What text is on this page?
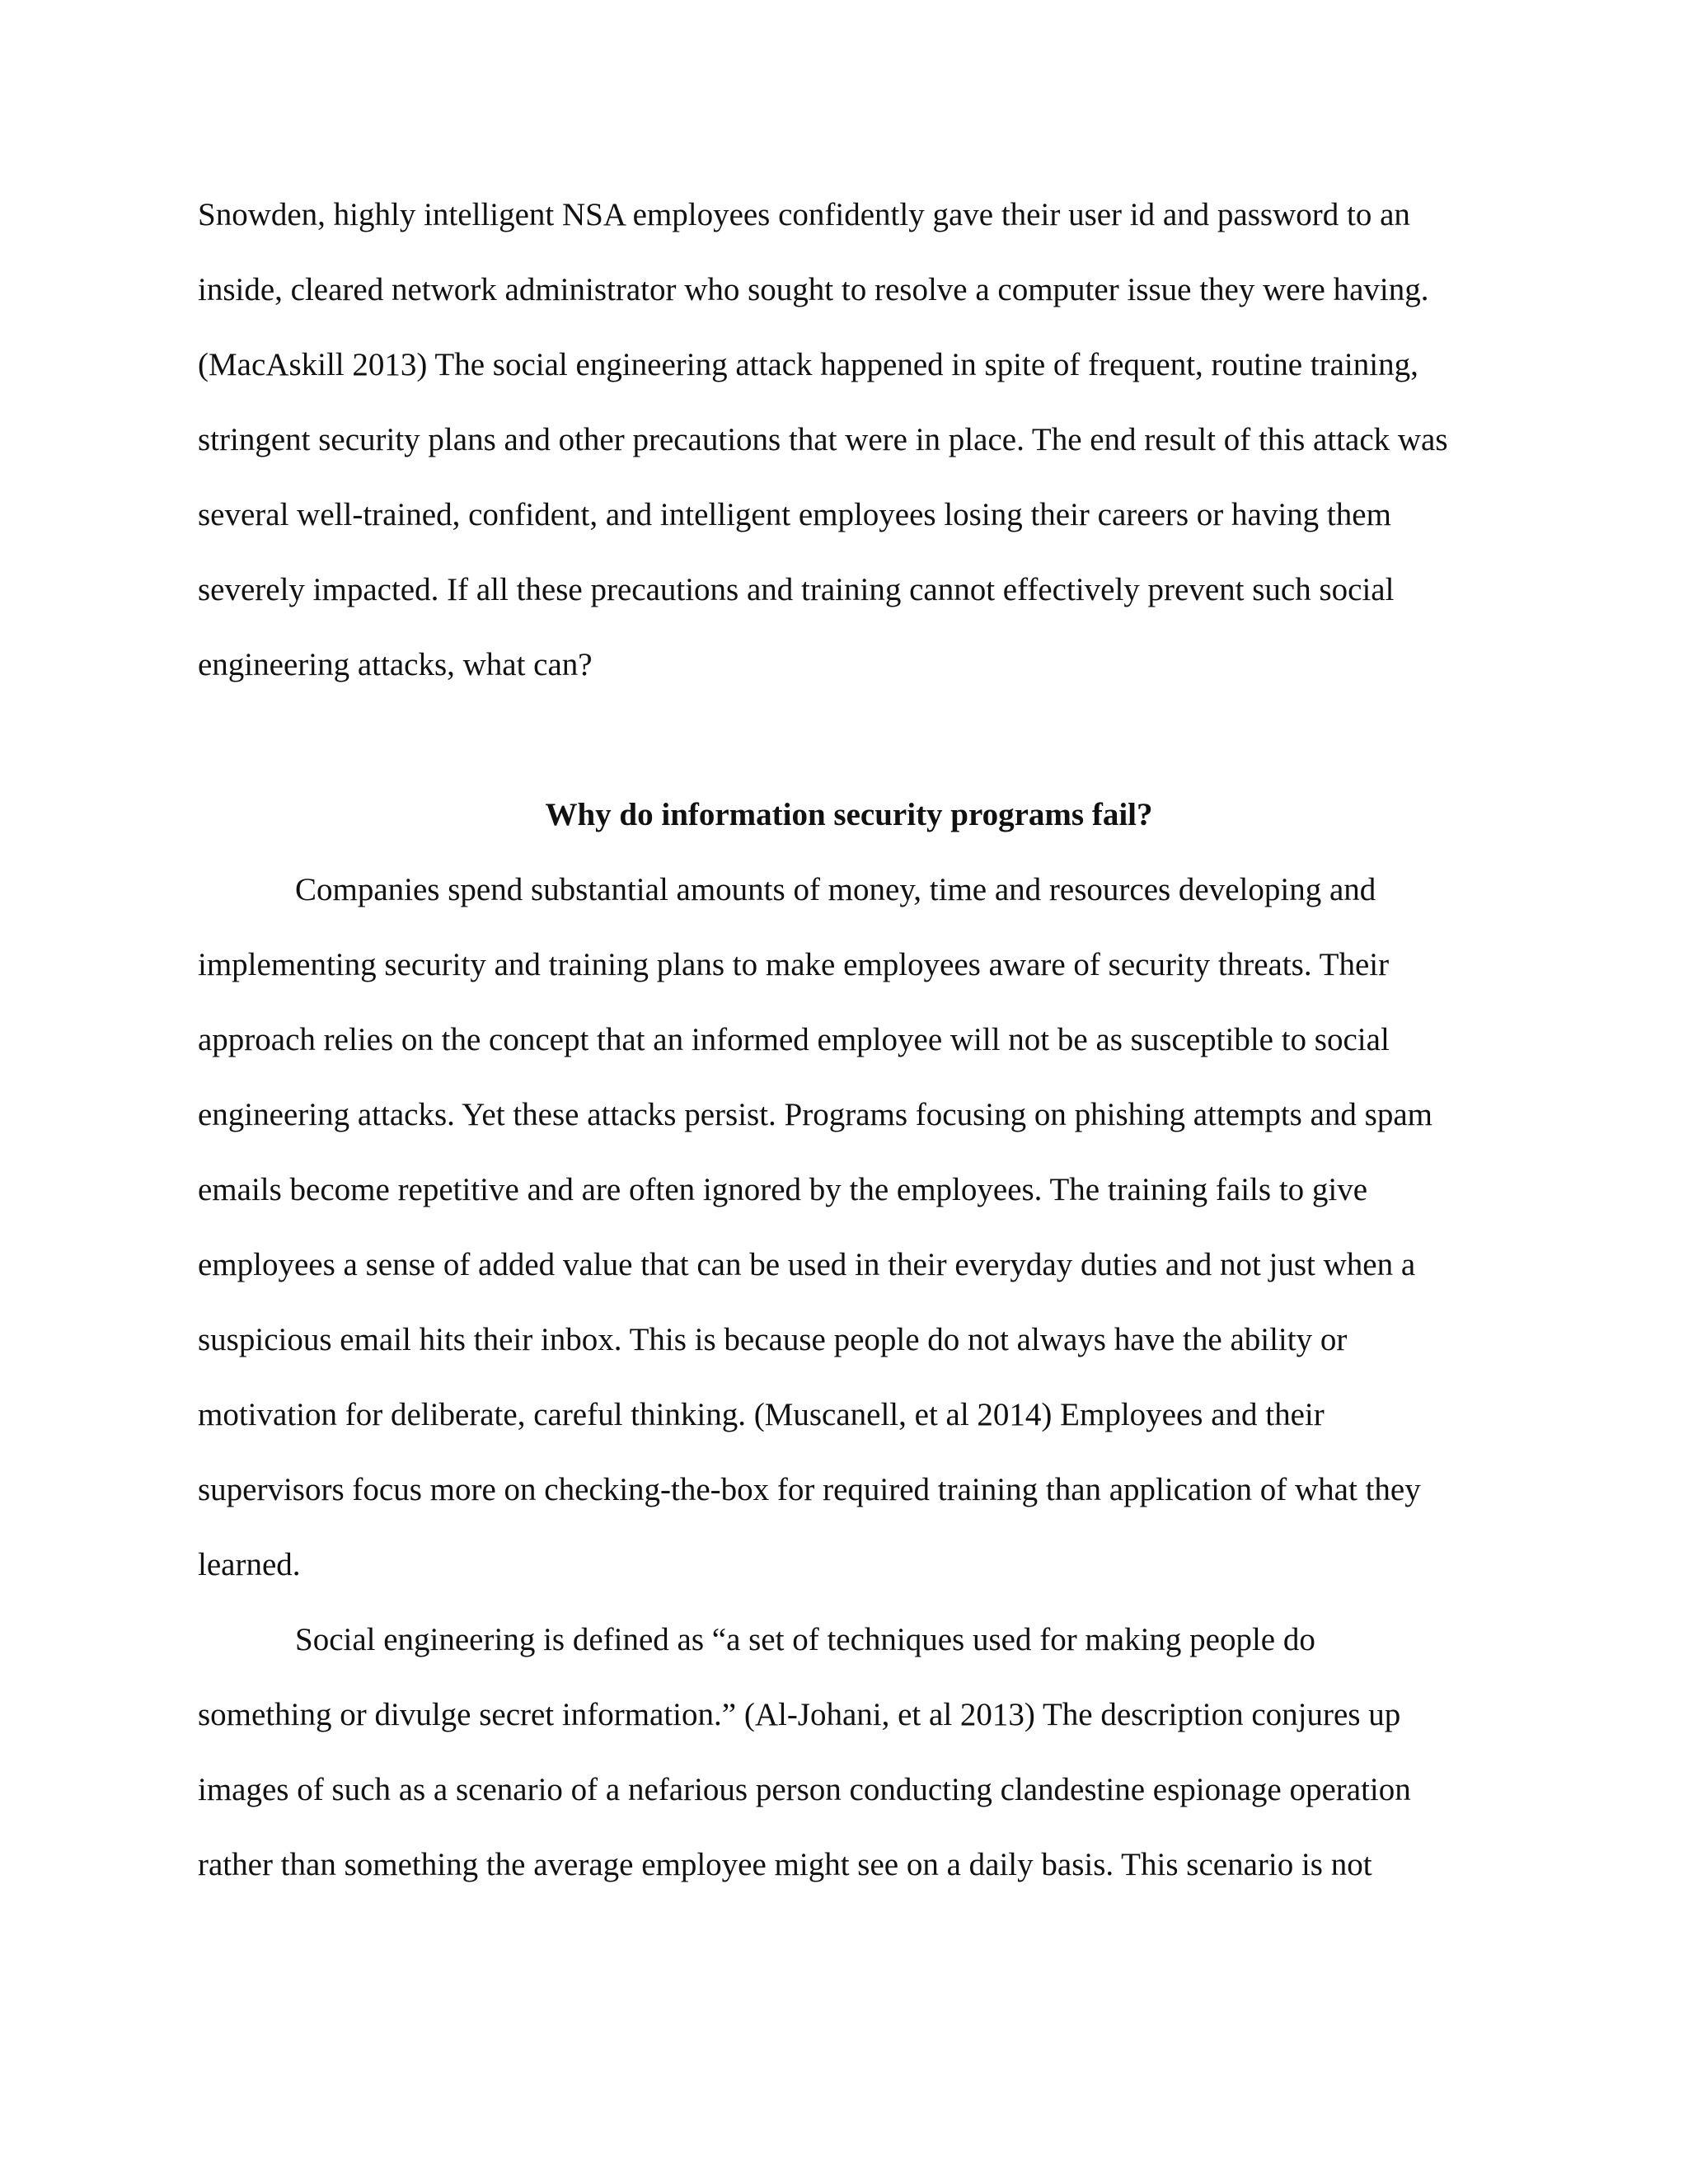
Snowden, highly intelligent NSA employees confidently gave their user id and password to an
inside, cleared network administrator who sought to resolve a computer issue they were having.
(MacAskill 2013) The social engineering attack happened in spite of frequent, routine training,
stringent security plans and other precautions that were in place. The end result of this attack was
several well-trained, confident, and intelligent employees losing their careers or having them
severely impacted. If all these precautions and training cannot effectively prevent such social
engineering attacks, what can?
Why do information security programs fail?
Companies spend substantial amounts of money, time and resources developing and
implementing security and training plans to make employees aware of security threats. Their
approach relies on the concept that an informed employee will not be as susceptible to social
engineering attacks. Yet these attacks persist. Programs focusing on phishing attempts and spam
emails become repetitive and are often ignored by the employees. The training fails to give
employees a sense of added value that can be used in their everyday duties and not just when a
suspicious email hits their inbox. This is because people do not always have the ability or
motivation for deliberate, careful thinking. (Muscanell, et al 2014) Employees and their
supervisors focus more on checking-the-box for required training than application of what they
learned.
Social engineering is defined as “a set of techniques used for making people do
something or divulge secret information.” (Al-Johani, et al 2013) The description conjures up
images of such as a scenario of a nefarious person conducting clandestine espionage operation
rather than something the average employee might see on a daily basis. This scenario is not
